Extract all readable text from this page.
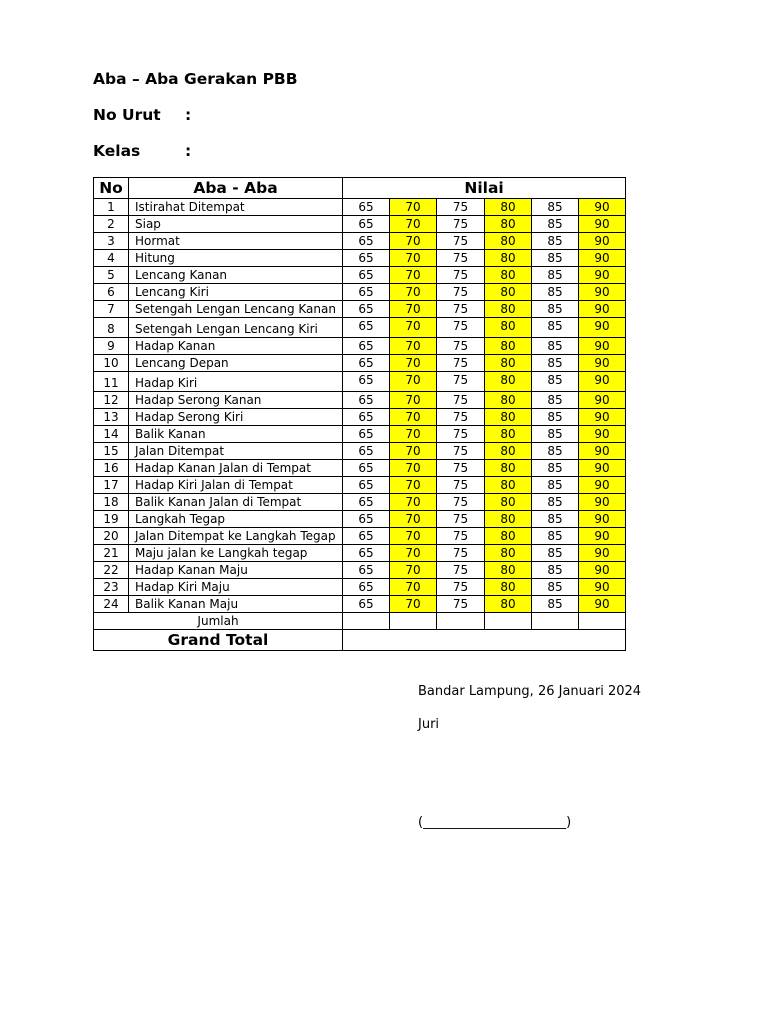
Aba – Aba Gerakan PBB
No Urut :
Kelas	:
No	Aba - Aba	Nilai					
1	Istirahat Ditempat	65	70	75	80	85	90
2	Siap	65	70	75	80	85	90
3	Hormat	65	70	75	80	85	90
4	Hitung	65	70	75	80	85	90
5	Lencang Kanan	65	70	75	80	85	90
6	Lencang Kiri	65	70	75	80	85	90
7	Setengah Lengan Lencang Kanan	65	70	75	80	85	90
8	Setengah Lengan Lencang Kiri	65	70	75	80	85	90
9	Hadap Kanan	65	70	75	80	85	90
10	Lencang Depan	65	70	75	80	85	90
11	Hadap Kiri	65	70	75	80	85	90
12	Hadap Serong Kanan	65	70	75	80	85	90
13	Hadap Serong Kiri	65	70	75	80	85	90
14	Balik Kanan	65	70	75	80	85	90
15	Jalan Ditempat	65	70	75	80	85	90
16	Hadap Kanan Jalan di Tempat	65	70	75	80	85	90
17	Hadap Kiri Jalan di Tempat	65	70	75	80	85	90
18	Balik Kanan Jalan di Tempat	65	70	75	80	85	90
19	Langkah Tegap	65	70	75	80	85	90
20	Jalan Ditempat ke Langkah Tegap	65	70	75	80	85	90
21	Maju jalan ke Langkah tegap	65	70	75	80	85	90
22	Hadap Kanan Maju	65	70	75	80	85	90
23	Hadap Kiri Maju	65	70	75	80	85	90
24	Balik Kanan Maju	65	70	75	80	85	90
Jumlah							
Grand Total							
Bandar Lampung, 26 Januari 2024
Juri
(______________________)
